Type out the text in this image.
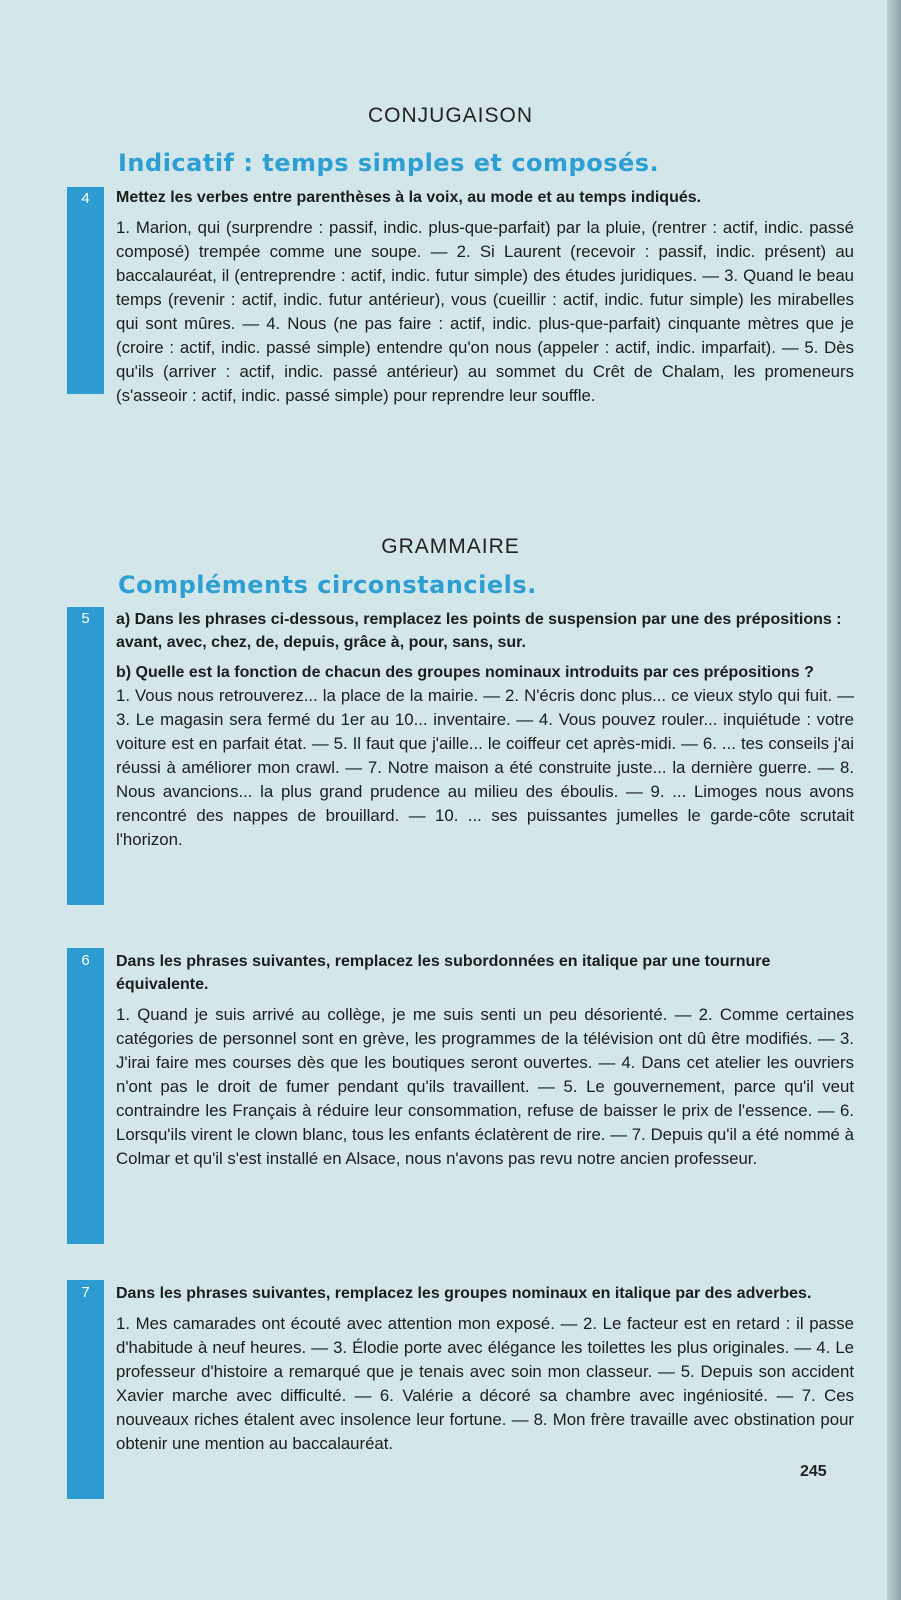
CONJUGAISON
Indicatif : temps simples et composés.
4	Mettez les verbes entre parenthèses à la voix, au mode et au temps indiqués.
1. Marion, qui (surprendre : passif, indic. plus-que-parfait) par la pluie, (rentrer : actif, indic. passé composé) trempée comme une soupe. — 2. Si Laurent (recevoir : passif, indic. présent) au baccalauréat, il (entreprendre : actif, indic. futur simple) des études juridiques. — 3. Quand le beau temps (revenir : actif, indic. futur antérieur), vous (cueillir : actif, indic. futur simple) les mirabelles qui sont mûres. — 4. Nous (ne pas faire : actif, indic. plus-que-parfait) cinquante mètres que je (croire : actif, indic. passé simple) entendre qu'on nous (appeler : actif, indic. imparfait). — 5. Dès qu'ils (arriver : actif, indic. passé antérieur) au sommet du Crêt de Chalam, les promeneurs (s'asseoir : actif, indic. passé simple) pour reprendre leur souffle.
GRAMMAIRE
Compléments circonstanciels.
5	a) Dans les phrases ci-dessous, remplacez les points de suspension par une des prépositions : avant, avec, chez, de, depuis, grâce à, pour, sans, sur.
b) Quelle est la fonction de chacun des groupes nominaux introduits par ces prépositions ?
1. Vous nous retrouverez... la place de la mairie. — 2. N'écris donc plus... ce vieux stylo qui fuit. — 3. Le magasin sera fermé du 1er au 10... inventaire. — 4. Vous pouvez rouler... inquiétude : votre voiture est en parfait état. — 5. Il faut que j'aille... le coiffeur cet après-midi. — 6. ... tes conseils j'ai réussi à améliorer mon crawl. — 7. Notre maison a été construite juste... la dernière guerre. — 8. Nous avancions... la plus grand prudence au milieu des éboulis. — 9. ... Limoges nous avons rencontré des nappes de brouillard. — 10. ... ses puissantes jumelles le garde-côte scrutait l'horizon.
6	Dans les phrases suivantes, remplacez les subordonnées en italique par une tournure équivalente.
1. Quand je suis arrivé au collège, je me suis senti un peu désorienté. — 2. Comme certaines catégories de personnel sont en grève, les programmes de la télévision ont dû être modifiés. — 3. J'irai faire mes courses dès que les boutiques seront ouvertes. — 4. Dans cet atelier les ouvriers n'ont pas le droit de fumer pendant qu'ils travaillent. — 5. Le gouvernement, parce qu'il veut contraindre les Français à réduire leur consommation, refuse de baisser le prix de l'essence. — 6. Lorsqu'ils virent le clown blanc, tous les enfants éclatèrent de rire. — 7. Depuis qu'il a été nommé à Colmar et qu'il s'est installé en Alsace, nous n'avons pas revu notre ancien professeur.
7	Dans les phrases suivantes, remplacez les groupes nominaux en italique par des adverbes.
1. Mes camarades ont écouté avec attention mon exposé. — 2. Le facteur est en retard : il passe d'habitude à neuf heures. — 3. Élodie porte avec élégance les toilettes les plus originales. — 4. Le professeur d'histoire a remarqué que je tenais avec soin mon classeur. — 5. Depuis son accident Xavier marche avec difficulté. — 6. Valérie a décoré sa chambre avec ingéniosité. — 7. Ces nouveaux riches étalent avec insolence leur fortune. — 8. Mon frère travaille avec obstination pour obtenir une mention au baccalauréat.
245
